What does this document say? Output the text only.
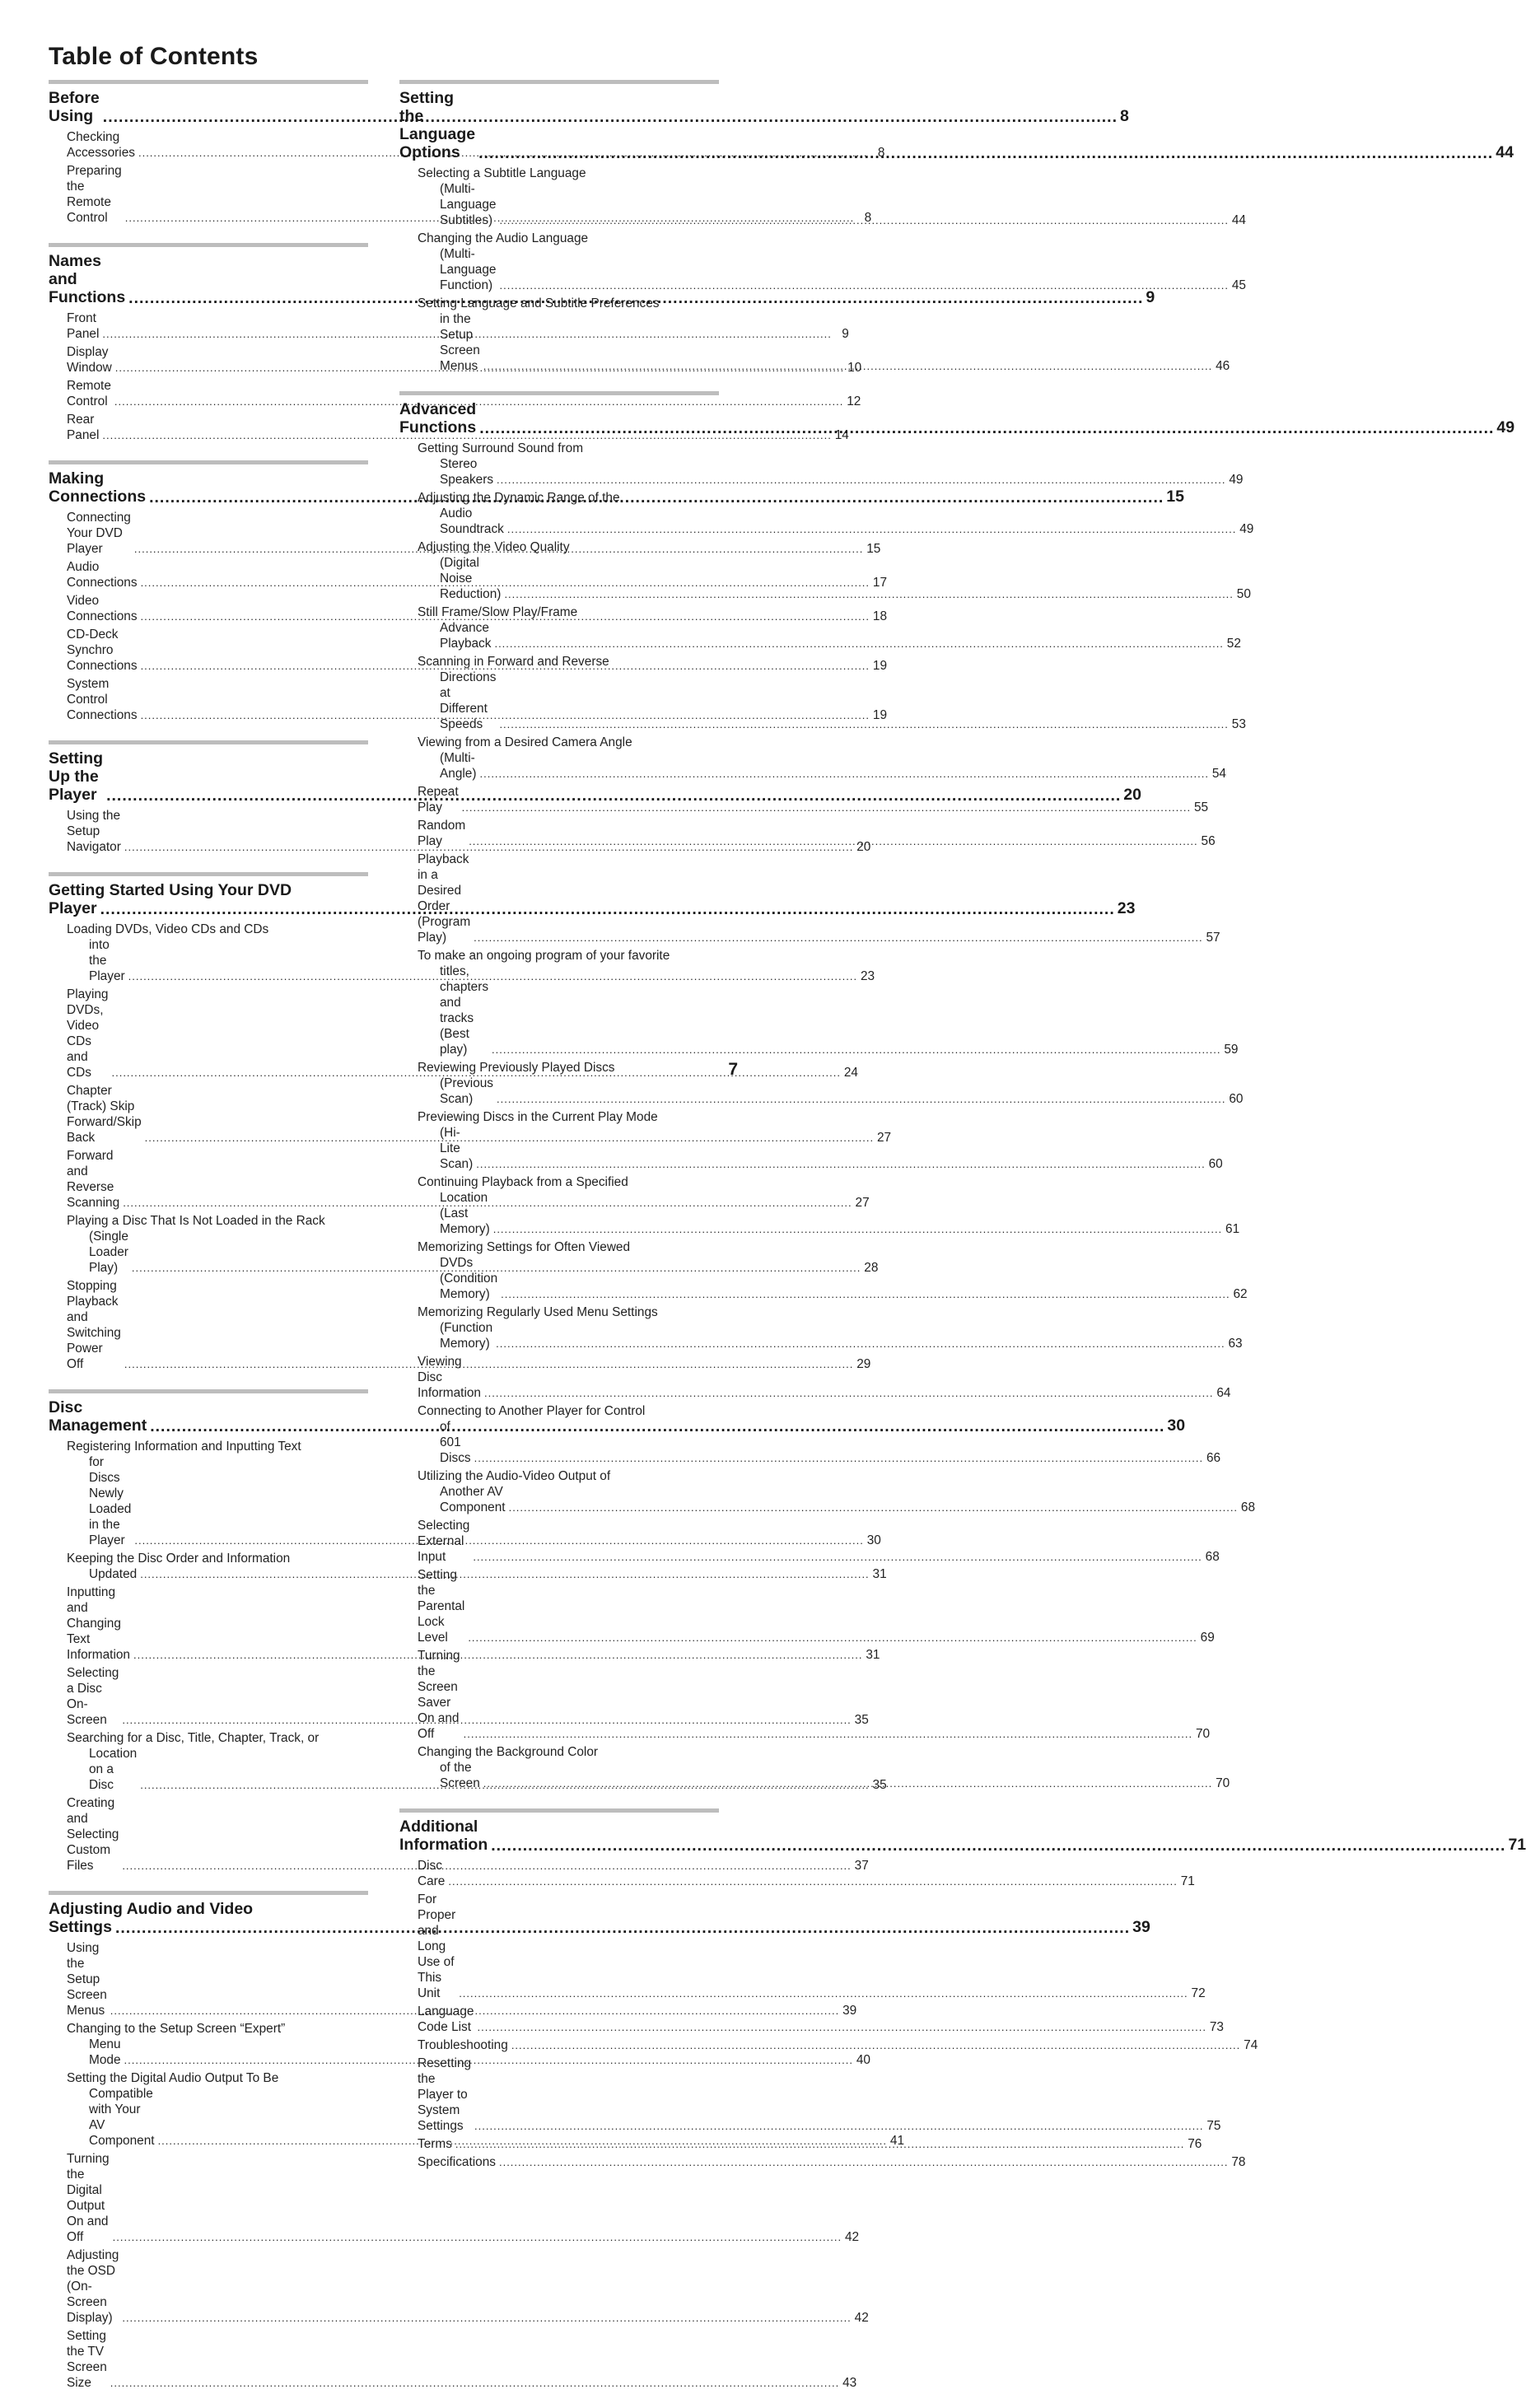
Table of Contents
Before Using .....	8
Checking Accessories .....	8
Preparing the Remote Control .....	8
Names and Functions .....	9
Front Panel .....	9
Display Window .....	10
Remote Control .....	12
Rear Panel .....	14
Making Connections .....	15
Connecting Your DVD Player .....	15
Audio Connections .....	17
Video Connections .....	18
CD-Deck Synchro Connections .....	19
System Control Connections .....	19
Setting Up the Player .....	20
Using the Setup Navigator .....	20
Getting Started Using Your DVD
Player .....	23
Loading DVDs, Video CDs and CDs
into the Player .....	23
Playing DVDs, Video CDs and CDs .....	24
Chapter (Track) Skip Forward/Skip Back .....	27
Forward and Reverse Scanning .....	27
Playing a Disc That Is Not Loaded in the Rack
(Single Loader Play) .....	28
Stopping Playback and Switching Power Off .....	29
Disc Management .....	30
Registering Information and Inputting Text
for Discs Newly Loaded in the Player .....	30
Keeping the Disc Order and Information
Updated .....	31
Inputting and Changing Text Information .....	31
Selecting a Disc On-Screen .....	35
Searching for a Disc, Title, Chapter, Track, or
Location on a Disc .....	35
Creating and Selecting Custom Files .....	37
Adjusting Audio and Video
Settings .....	39
Using the Setup Screen Menus .....	39
Changing to the Setup Screen “Expert”
Menu Mode .....	40
Setting the Digital Audio Output To Be
Compatible with Your AV Component .....	41
Turning the Digital Output On and Off .....	42
Adjusting the OSD (On-Screen Display) .....	42
Setting the TV Screen Size .....	43
Setting the Language Options .....	44
Selecting a Subtitle Language
(Multi-Language Subtitles) .....	44
Changing the Audio Language
(Multi-Language Function) .....	45
Setting Language and Subtitle Preferences
in the Setup Screen Menus .....	46
Advanced Functions .....	49
Getting Surround Sound from
Stereo Speakers .....	49
Adjusting the Dynamic Range of the
Audio Soundtrack .....	49
Adjusting the Video Quality
(Digital Noise Reduction) .....	50
Still Frame/Slow Play/Frame
Advance Playback .....	52
Scanning in Forward and Reverse
Directions at Different Speeds .....	53
Viewing from a Desired Camera Angle
(Multi-Angle) .....	54
Repeat Play .....	55
Random Play .....	56
Playback in a Desired Order (Program Play) .....	57
To make an ongoing program of your favorite
titles, chapters and tracks (Best play) .....	59
Reviewing Previously Played Discs
(Previous Scan) .....	60
Previewing Discs in the Current Play Mode
(Hi-Lite Scan) .....	60
Continuing Playback from a Specified
Location (Last Memory) .....	61
Memorizing Settings for Often Viewed
DVDs (Condition Memory) .....	62
Memorizing Regularly Used Menu Settings
(Function Memory) .....	63
Viewing Disc Information .....	64
Connecting to Another Player for Control
of 601 Discs .....	66
Utilizing the Audio-Video Output of
Another AV Component .....	68
Selecting External Input .....	68
Setting the Parental Lock Level .....	69
Turning the Screen Saver On and Off .....	70
Changing the Background Color
of the Screen .....	70
Additional Information .....	71
Disc Care .....	71
For Proper and Long Use of This Unit .....	72
Language Code List .....	73
Troubleshooting .....	74
Resetting the Player to System Settings .....	75
Terms .....	76
Specifications .....	78

7
